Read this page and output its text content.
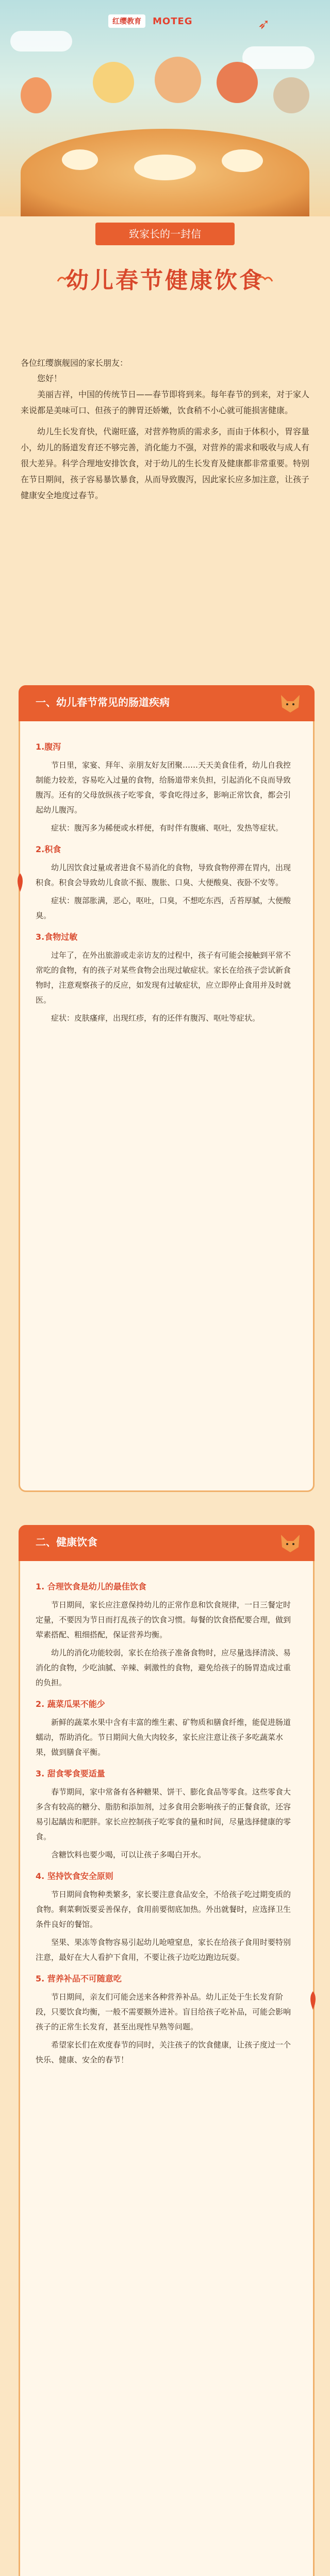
红缨教育	MOTEG	➶
致家长的一封信
幼儿春节健康饮食
各位红缨旗舰园的家长朋友：
您好！

美丽吉祥，中国的传统节日——春节即将到来。每年春节的到来，对于家人来说都是美味可口、但孩子的脾胃还娇嫩，饮食稍不小心就可能损害健康。

幼儿生长发育快，代谢旺盛，对营养物质的需求多，而由于体积小，胃容量小，幼儿的肠道发育还不够完善，消化能力不强，对营养的需求和吸收与成人有很大差异。科学合理地安排饮食，对于幼儿的生长发育及健康都非常重要。特别在节日期间，孩子容易暴饮暴食，从而导致腹泻，因此家长应多加注意，让孩子健康安全地度过春节。

一、幼儿春节常见的肠道疾病
1.腹泻

节日里，家宴、拜年、亲朋友好友团聚……天天美食佳肴，幼儿自我控制能力较差，容易吃入过量的食物，给肠道带来负担，引起消化不良而导致腹泻。还有的父母放纵孩子吃零食，零食吃得过多，影响正常饮食，都会引起幼儿腹泻。

症状：腹泻多为稀便或水样便，有时伴有腹痛、呕吐，发热等症状。

2.积食

幼儿因饮食过量或者进食不易消化的食物，导致食物停滞在胃内，出现积食。积食会导致幼儿食欲不振、腹胀、口臭、大便酸臭、夜卧不安等。

症状：腹部胀满，恶心，呕吐，口臭，不想吃东西，舌苔厚腻，大便酸臭。

3.食物过敏

过年了，在外出旅游或走亲访友的过程中，孩子有可能会接触到平常不常吃的食物，有的孩子对某些食物会出现过敏症状。家长在给孩子尝试新食物时，注意观察孩子的反应，如发现有过敏症状，应立即停止食用并及时就医。

症状：皮肤瘙痒，出现红疹，有的还伴有腹泻、呕吐等症状。

二、健康饮食
1. 合理饮食是幼儿的最佳饮食

节日期间，家长应注意保持幼儿的正常作息和饮食规律，一日三餐定时定量，不要因为节日而打乱孩子的饮食习惯。每餐的饮食搭配要合理，做到荤素搭配、粗细搭配，保证营养均衡。

幼儿的消化功能较弱，家长在给孩子准备食物时，应尽量选择清淡、易消化的食物，少吃油腻、辛辣、刺激性的食物，避免给孩子的肠胃造成过重的负担。

2. 蔬菜瓜果不能少

新鲜的蔬菜水果中含有丰富的维生素、矿物质和膳食纤维，能促进肠道蠕动，帮助消化。节日期间大鱼大肉较多，家长应注意让孩子多吃蔬菜水果，做到膳食平衡。

3. 甜食零食要适量

春节期间，家中常备有各种糖果、饼干、膨化食品等零食。这些零食大多含有较高的糖分、脂肪和添加剂，过多食用会影响孩子的正餐食欲，还容易引起龋齿和肥胖。家长应控制孩子吃零食的量和时间，尽量选择健康的零食。

含糖饮料也要少喝，可以让孩子多喝白开水。

4. 坚持饮食安全原则

节日期间食物种类繁多，家长要注意食品安全，不给孩子吃过期变质的食物。剩菜剩饭要妥善保存，食用前要彻底加热。外出就餐时，应选择卫生条件良好的餐馆。

坚果、果冻等食物容易引起幼儿呛噎窒息，家长在给孩子食用时要特别注意，最好在大人看护下食用，不要让孩子边吃边跑边玩耍。

5. 营养补品不可随意吃

节日期间，亲友们可能会送来各种营养补品。幼儿正处于生长发育阶段，只要饮食均衡，一般不需要额外进补。盲目给孩子吃补品，可能会影响孩子的正常生长发育，甚至出现性早熟等问题。

希望家长们在欢度春节的同时，关注孩子的饮食健康，让孩子度过一个快乐、健康、安全的春节！
